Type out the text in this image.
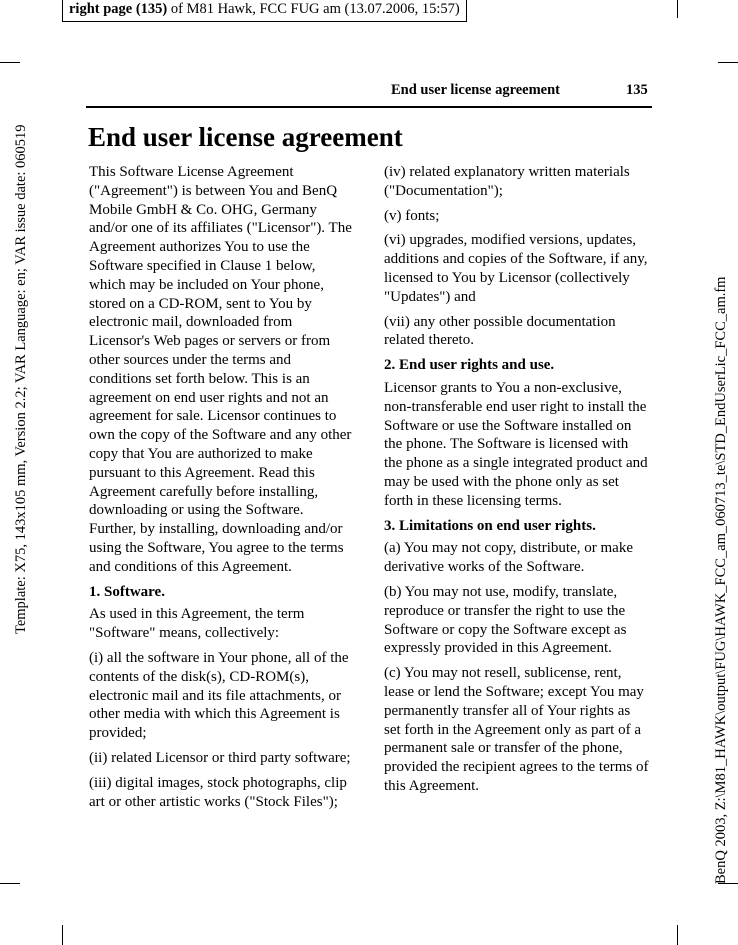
right page (135) of M81 Hawk, FCC FUG am (13.07.2006, 15:57)
Template: X75, 143x105 mm, Version 2.2; VAR Language: en; VAR issue date: 060519	BenQ 2003, Z:\M81_HAWK\output\FUG\HAWK_FCC_am_060713_te\STD_EndUserLic_FCC_am.fm
End user license agreement	135
End user license agreement

This Software License Agreement ("Agreement") is between You and BenQ Mobile GmbH & Co. OHG, Germany and/or one of its affiliates ("Licensor"). The Agreement authorizes You to use the Software specified in Clause 1 below, which may be included on Your phone, stored on a CD-ROM, sent to You by electronic mail, downloaded from Licensor's Web pages or servers or from other sources under the terms and conditions set forth below. This is an agreement on end user rights and not an agreement for sale. Licensor continues to own the copy of the Software and any other copy that You are authorized to make pursuant to this Agreement. Read this Agreement carefully before installing, downloading or using the Software. Further, by installing, downloading and/or using the Software, You agree to the terms and conditions of this Agreement.

1. Software.

As used in this Agreement, the term "Software" means, collectively:

(i) all the software in Your phone, all of the contents of the disk(s), CD-ROM(s), electronic mail and its file attachments, or other media with which this Agreement is provided;

(ii) related Licensor or third party software;

(iii) digital images, stock photographs, clip art or other artistic works ("Stock Files");

(iv) related explanatory written materials ("Documentation");

(v) fonts;

(vi) upgrades, modified versions, updates, additions and copies of the Software, if any, licensed to You by Licensor (collectively "Updates") and

(vii) any other possible documentation related thereto.

2. End user rights and use.

Licensor grants to You a non-exclusive, non-transferable end user right to install the Software or use the Software installed on the phone. The Software is licensed with the phone as a single integrated product and may be used with the phone only as set forth in these licensing terms.

3. Limitations on end user rights.

(a) You may not copy, distribute, or make derivative works of the Software.

(b) You may not use, modify, translate, reproduce or transfer the right to use the Software or copy the Software except as expressly provided in this Agreement.

(c) You may not resell, sublicense, rent, lease or lend the Software; except You may permanently transfer all of Your rights as set forth in the Agreement only as part of a permanent sale or transfer of the phone, provided the recipient agrees to the terms of this Agreement.
